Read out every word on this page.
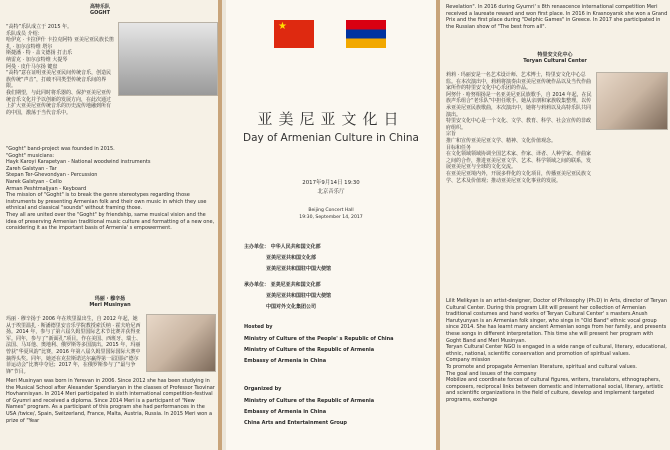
高特乐队
GOGHT
“高特”乐队成立于 2015 年。
乐队成员 介绍：
哈伊克 · 卡拉伊什 卡拉克阿特 亚美尼亚民族长笛
扎 · 加尔彦特维 塔尔
斯捷潘 · 特 · 盖文德扬 打击乐
纳雷克 · 加尔彦特维 大提琴
阿曼 · 皮什马尔扬 键盘
“高特”意在证明亚美尼亚民间传统音乐，创造民族传统“声音”，打破不同类型传统音乐间的界限。
我们期望，与此同时将乐器的、保护亚美尼亚传统音乐文化并予以创新的发展方向，在此次通过上扩大亚美尼亚传统音乐的历史流传地融到所有的中国，激荡于当代音乐中。
"Goght" band-project was founded in 2015.
"Goght" musicians:
Hayk Karoyi Karapetyan - National woodwind instruments
Zareh Galstyan - Tar
Stepan Ter-Ghevondyan - Percussion
Narek Galstyan - Cello
Arman Peshtmaljyan - Keyboard
The mission of "Goght" is to break the genre stereotypes regarding those instruments by presenting Armenian folk and their own music in which they use ethnical and classical "sounds" without framing those.
They all are united over the "Goght" by friendship, same musical vision and the idea of preserving Armenian traditional music culture and formatting of a new one, considering it as the important basis of Armenia' s empowerment.
玛丽 · 穆辛扬
Meri Musinyan
玛丽 · 穆辛扬于 2006 年在埃里温出生，自 2012 年起，她从于埃里温扎 · 斯潘德里安音乐学院教授索沃纳 · 霍夫哈尼西扬。2014 年，参与了第六届久姆里国际艺术节比赛并获得亚军。同年，参与了“新面孔”项目。作在美国、西班牙、瑞士、法国、马耳他、奥地利、俄罗斯等多国演出。2015 年，玛丽曾获“华夏风韵”比赛，2016 年第八届久姆里国际国际大赛中摘得头奖。同年，她还在克拉斯诺达尔赢得第一届国际“德尔菲运动会”比赛中夺冠；2017 年，在俄罗斯参与了“最与争锋”节目。
Meri Musinyan was born in Yerevan in 2006. Since 2012 she has been studying in the Musical School after Alexander Spendiaryan in the classes of Professor Tsovinar Hovhannisyan. In 2014 Meri participated in sixth international competition-festival of Gyumri and received a diploma. Since 2014 Meri is a participant of "New Names" program. As a participant of this program she had performances in the USA /twice/, Spain, Switzerland, France, Malta, Austria, Russia. In 2015 Meri won a prize of "Year
★
亚美尼亚文化日
Day of Armenian Culture in China
2017年9月14日 19:30
北京音乐厅
Beijing Concert Hall
19:30, September 14, 2017
主办单位： 中华人民共和国文化部
亚美尼亚共和国文化部
亚美尼亚共和国驻中国大使馆
承办单位： 亚美尼亚共和国文化部
亚美尼亚共和国驻中国大使馆
中国对外文化集团公司
Hosted by
Ministry of Culture of the People' s Republic of China
Ministry of Culture of the Republic of Armenia
Embassy of Armenia in China
Organized by
Ministry of Culture of the Republic of Armenia
Embassy of Armenia in China
China Arts and Entertainment Group
Revelation". In 2016 during Gyumri' s 8th renascence international competition Meri received a laureate reward and won first place. In 2016 in Krasnoyarsk she won a Grand Prix and the first place during "Delphic Games" in Greece. In 2017 she participated in the Russian show of "The best from all".
特里安文化中心
Teryan Cultural Center
莉莉 · 玛丽安是一名艺术设计师、艺术博士，特里安文化中心总监。在本次演出中，莉莉将演奏由亚美尼亚传统作品以及当代作曲家所作的特里安文化中心乐团的作品。
阿努什 · 哈努相扬是一名亚美尼亚民族歌手，自 2014 年起，在民族声乐组合“老乐队”中担任歌手。她从亲朋和家族收集整理，以传承亚美尼亚民族歌曲，本次演出中，她将与莉莉以及高特乐队共同演出。
特里安文化中心是一个文化、文学、教育、科学、社会宣传的非政府组织。
宗旨
推广和宣传亚美尼亚文学、精神、文化价值观念。
目标和任务
在文化领域领域协调全国艺术家、作家、译者、人种学家、作曲家之间的合作，推进亚美尼亚文学、艺术、科学领域之间的联系，发展亚美尼亚与全球的文化交流。
在亚美尼亚境内外，开展多样化的文化项目，传播亚美尼亚民族文学、艺术及价值观；推动亚美尼亚文化事业的发展。
Lilit Melikyan is an artist-designer, Doctor of Philosophy (Ph.D) in Arts, director of Teryan Cultural Center. During this program Lilit will present her collection of Armenian traditional costumes and hand works of Teryan Cultural Center' s masters.Anush Harutyunyan is an Armenian folk singer, who sings in "Old Band" ethnic vocal group since 2014. She has learnt many ancient Armenian songs from her family, and presents these songs in different interpretation. This time she will present her program with Goght Band and Meri Musinyan.
Teryan Cultural Center NGO is engaged in a wide range of cultural, literary, educational, ethnic, national, scientific conservation and promotion of spiritual values.
Company mission
To promote and propagate Armenian literature, spiritual and cultural values.
The goal and issues of the company
Mobilize and coordinate forces of cultural figures, writers, translators, ethnographers, composers, reciprocal links between domestic and international social, literary, artistic and scientific organizations in the field of culture, develop and implement targeted programs, exchange
